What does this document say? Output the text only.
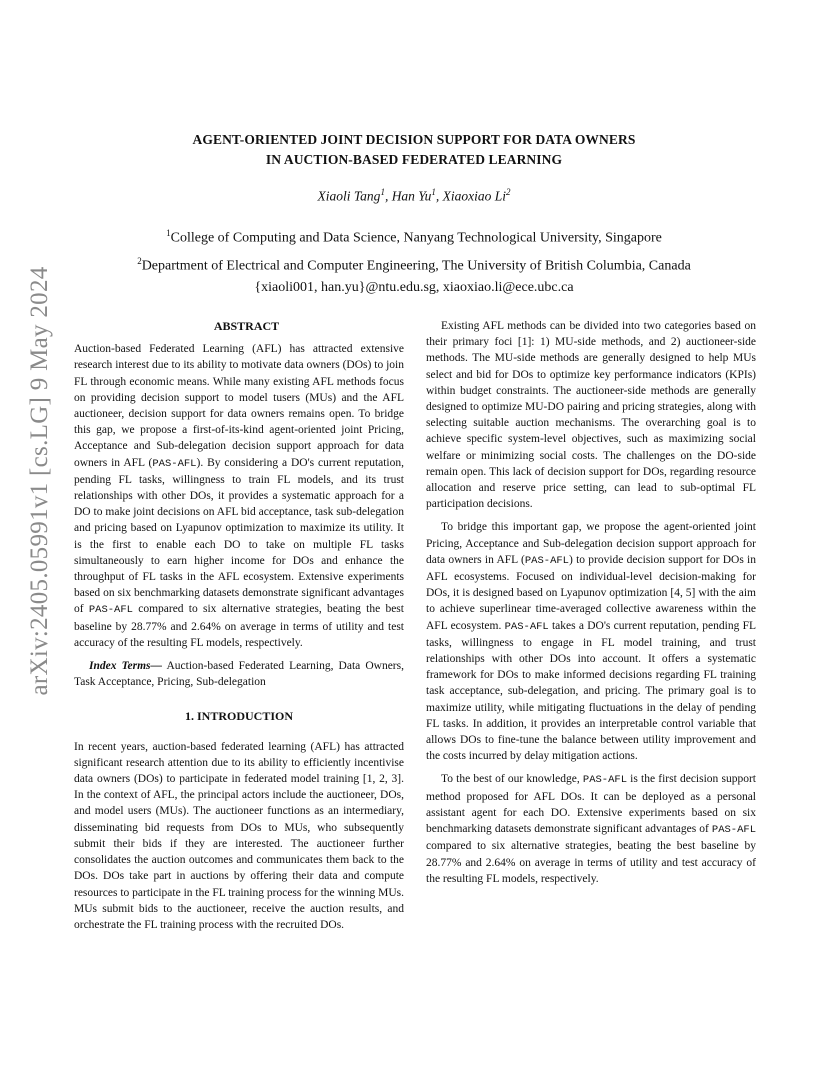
arXiv:2405.05991v1 [cs.LG] 9 May 2024
AGENT-ORIENTED JOINT DECISION SUPPORT FOR DATA OWNERS
IN AUCTION-BASED FEDERATED LEARNING
Xiaoli Tang$^1$, Han Yu$^1$, Xiaoxiao Li$^2$
$^1$College of Computing and Data Science, Nanyang Technological University, Singapore
$^2$Department of Electrical and Computer Engineering, The University of British Columbia, Canada
{xiaoli001, han.yu}@ntu.edu.sg, xiaoxiao.li@ece.ubc.ca

ABSTRACT

Auction-based Federated Learning (AFL) has attracted extensive research interest due to its ability to motivate data owners (DOs) to join FL through economic means. While many existing AFL methods focus on providing decision support to model tusers (MUs) and the AFL auctioneer, decision support for data owners remains open. To bridge this gap, we propose a first-of-its-kind agent-oriented joint Pricing, Acceptance and Sub-delegation decision support approach for data owners in AFL (PAS-AFL). By considering a DO's current reputation, pending FL tasks, willingness to train FL models, and its trust relationships with other DOs, it provides a systematic approach for a DO to make joint decisions on AFL bid acceptance, task sub-delegation and pricing based on Lyapunov optimization to maximize its utility. It is the first to enable each DO to take on multiple FL tasks simultaneously to earn higher income for DOs and enhance the throughput of FL tasks in the AFL ecosystem. Extensive experiments based on six benchmarking datasets demonstrate significant advantages of PAS-AFL compared to six alternative strategies, beating the best baseline by 28.77% and 2.64% on average in terms of utility and test accuracy of the resulting FL models, respectively.

Index Terms— Auction-based Federated Learning, Data Owners, Task Acceptance, Pricing, Sub-delegation

1. INTRODUCTION

In recent years, auction-based federated learning (AFL) has attracted significant research attention due to its ability to efficiently incentivise data owners (DOs) to participate in federated model training [1, 2, 3]. In the context of AFL, the principal actors include the auctioneer, DOs, and model users (MUs). The auctioneer functions as an intermediary, disseminating bid requests from DOs to MUs, who subsequently submit their bids if they are interested. The auctioneer further consolidates the auction outcomes and communicates them back to the DOs. DOs take part in auctions by offering their data and compute resources to participate in the FL training process for the winning MUs. MUs submit bids to the auctioneer, receive the auction results, and orchestrate the FL training process with the recruited DOs.

Existing AFL methods can be divided into two categories based on their primary foci [1]: 1) MU-side methods, and 2) auctioneer-side methods. The MU-side methods are generally designed to help MUs select and bid for DOs to optimize key performance indicators (KPIs) within budget constraints. The auctioneer-side methods are generally designed to optimize MU-DO pairing and pricing strategies, along with selecting suitable auction mechanisms. The overarching goal is to achieve specific system-level objectives, such as maximizing social welfare or minimizing social costs. The challenges on the DO-side remain open. This lack of decision support for DOs, regarding resource allocation and reserve price setting, can lead to sub-optimal FL participation decisions.

To bridge this important gap, we propose the agent-oriented joint Pricing, Acceptance and Sub-delegation decision support approach for data owners in AFL (PAS-AFL) to provide decision support for DOs in AFL ecosystems. Focused on individual-level decision-making for DOs, it is designed based on Lyapunov optimization [4, 5] with the aim to achieve superlinear time-averaged collective awareness within the AFL ecosystem. PAS-AFL takes a DO's current reputation, pending FL tasks, willingness to engage in FL model training, and trust relationships with other DOs into account. It offers a systematic framework for DOs to make informed decisions regarding FL training task acceptance, sub-delegation, and pricing. The primary goal is to maximize utility, while mitigating fluctuations in the delay of pending FL tasks. In addition, it provides an interpretable control variable that allows DOs to fine-tune the balance between utility improvement and the costs incurred by delay mitigation actions.

To the best of our knowledge, PAS-AFL is the first decision support method proposed for AFL DOs. It can be deployed as a personal assistant agent for each DO. Extensive experiments based on six benchmarking datasets demonstrate significant advantages of PAS-AFL compared to six alternative strategies, beating the best baseline by 28.77% and 2.64% on average in terms of utility and test accuracy of the resulting FL models, respectively.
